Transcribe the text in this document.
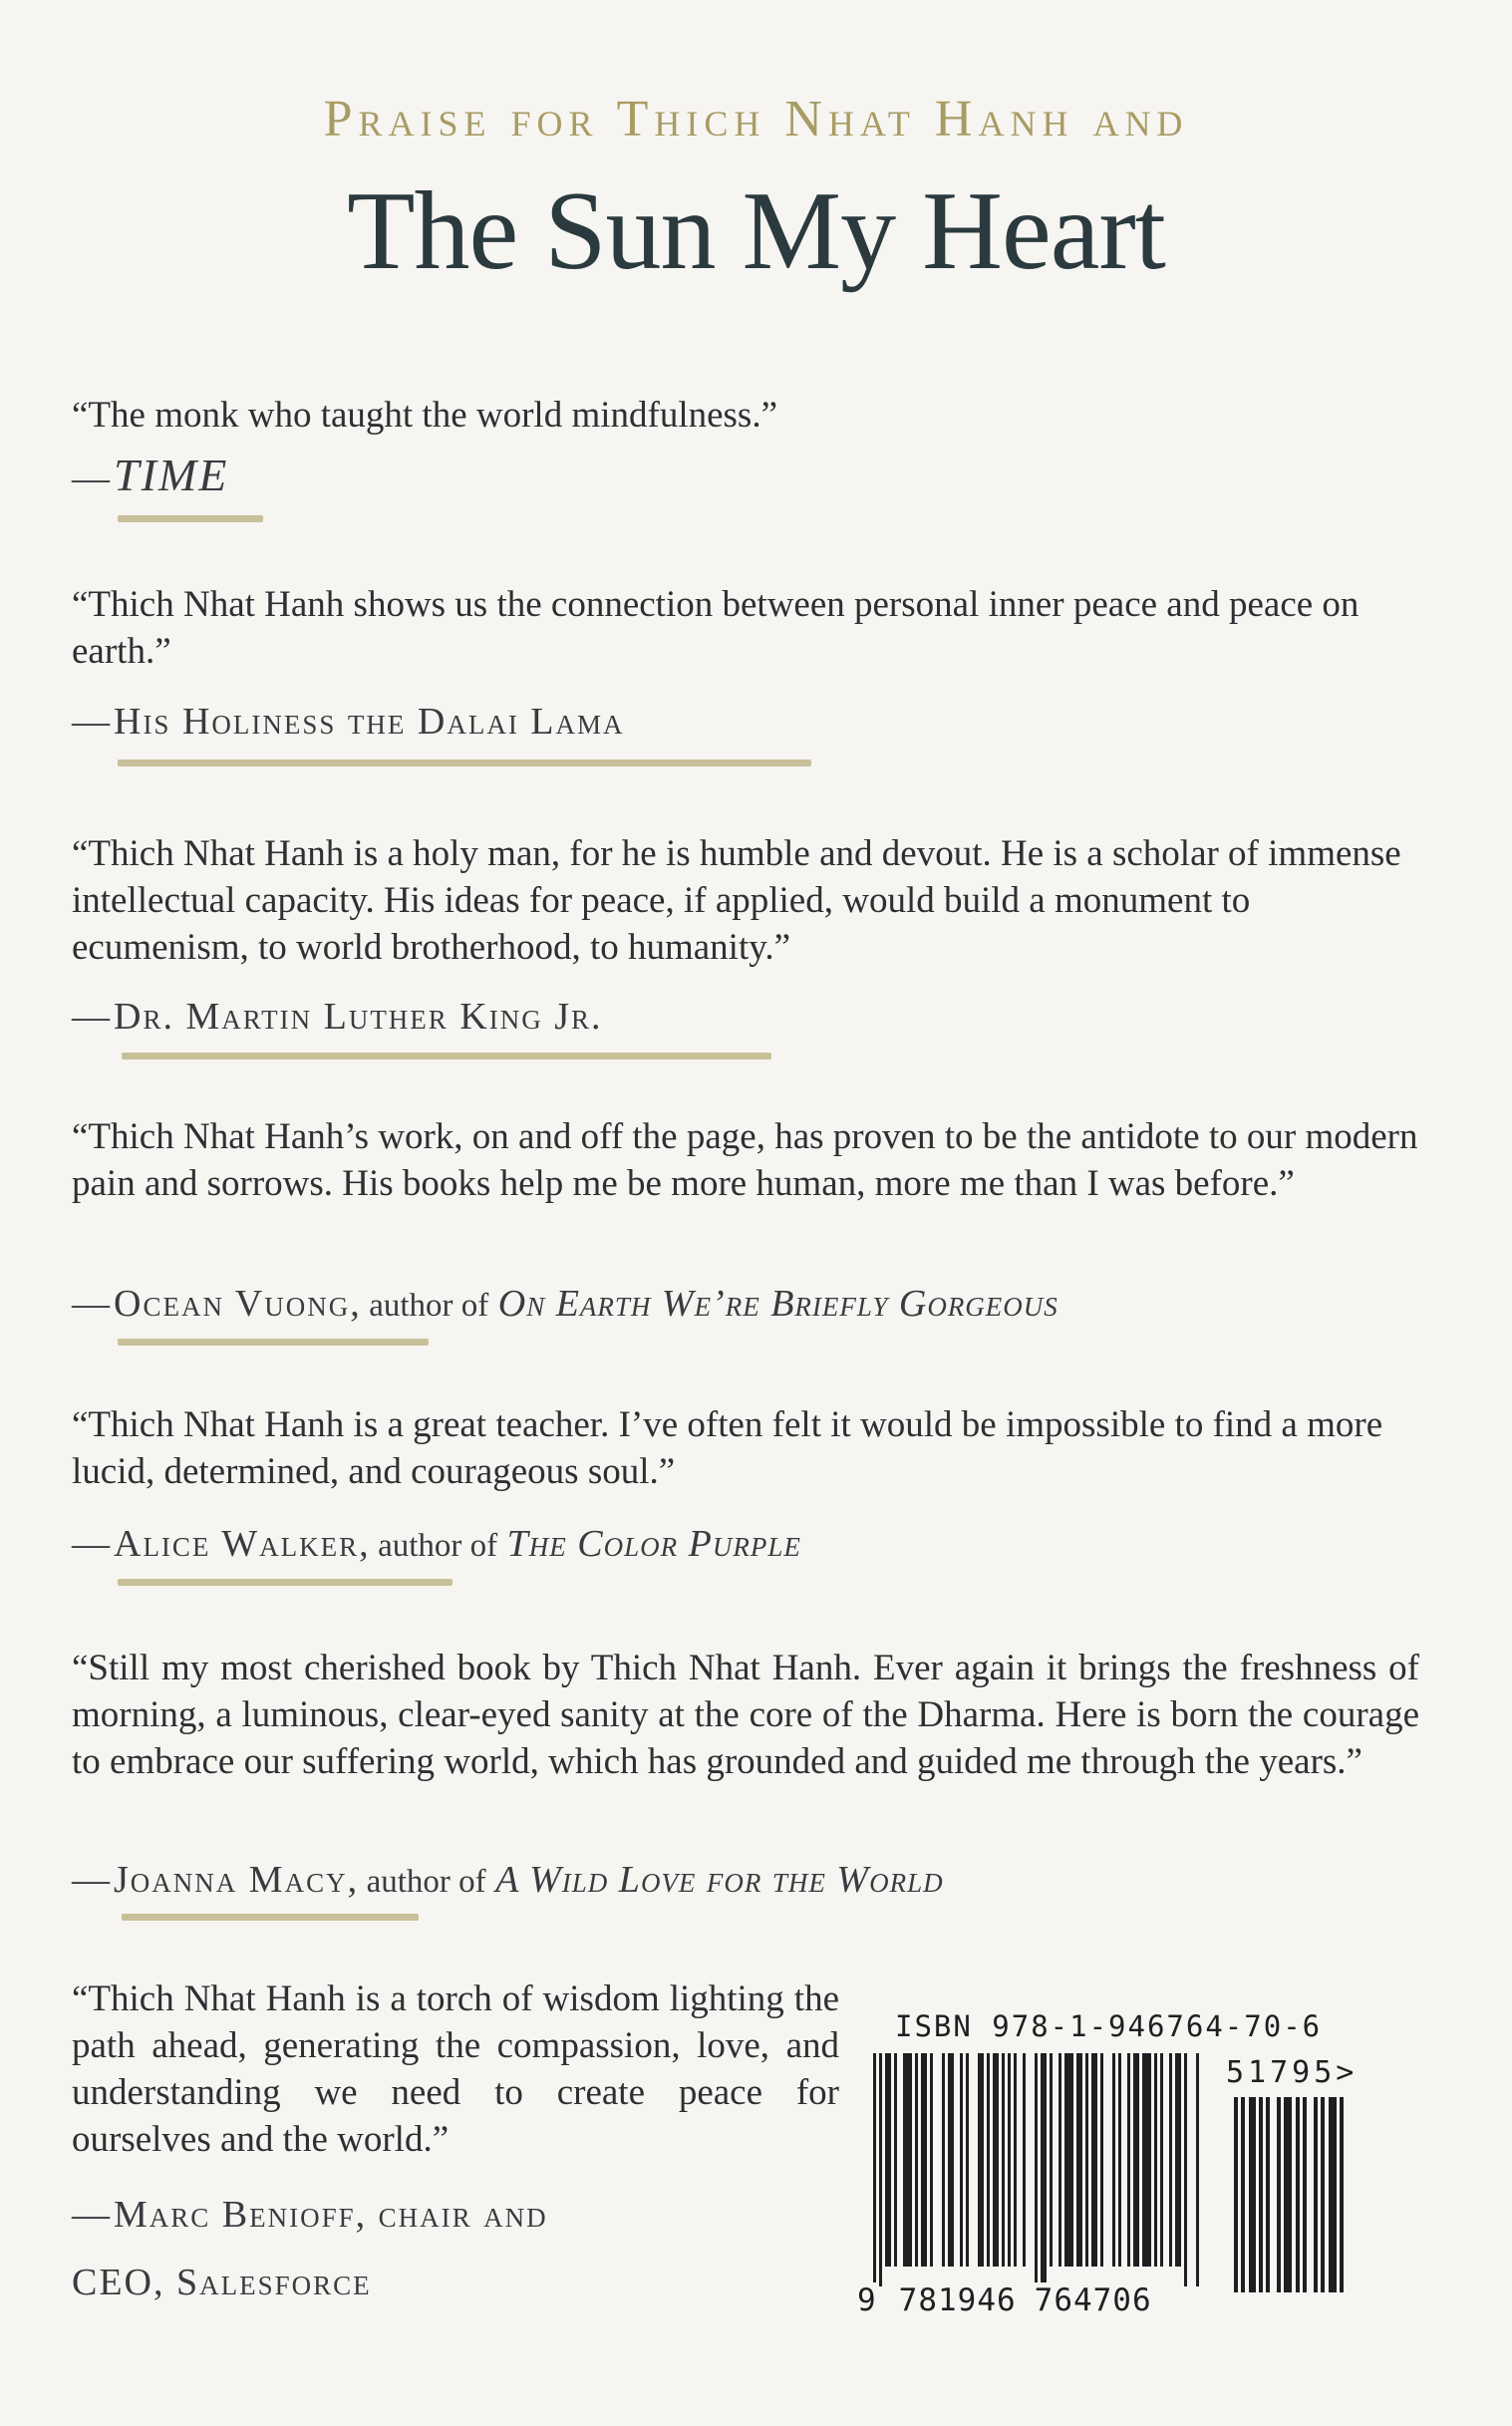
Praise for Thich Nhat Hanh and
The Sun My Heart
“The monk who taught the world mindfulness.”
—TIME
“Thich Nhat Hanh shows us the connection between personal inner peace and peace on earth.”
— His Holiness the Dalai Lama
“Thich Nhat Hanh is a holy man, for he is humble and devout. He is a scholar of immense intellectual capacity. His ideas for peace, if applied, would build a monument to ecumenism, to world brotherhood, to humanity.”
— Dr. Martin Luther King Jr.
“Thich Nhat Hanh’s work, on and off the page, has proven to be the antidote to our modern pain and sorrows. His books help me be more human, more me than I was before.”
— Ocean Vuong, author of On Earth We’re Briefly Gorgeous
“Thich Nhat Hanh is a great teacher. I’ve often felt it would be impossible to find a more lucid, determined, and courageous soul.”
— Alice Walker, author of The Color Purple
“Still my most cherished book by Thich Nhat Hanh. Ever again it brings the freshness of morning, a luminous, clear-eyed sanity at the core of the Dharma. Here is born the courage to embrace our suffering world, which has grounded and guided me through the years.”
— Joanna Macy, author of A Wild Love for the World
“Thich Nhat Hanh is a torch of wisdom lighting the path ahead, generating the compassion, love, and understanding we need to create peace for ourselves and the world.”
— Marc Benioff, chair and
CEO, Salesforce
ISBN 978-1-946764-70-6
51795>
9 781946 764706
